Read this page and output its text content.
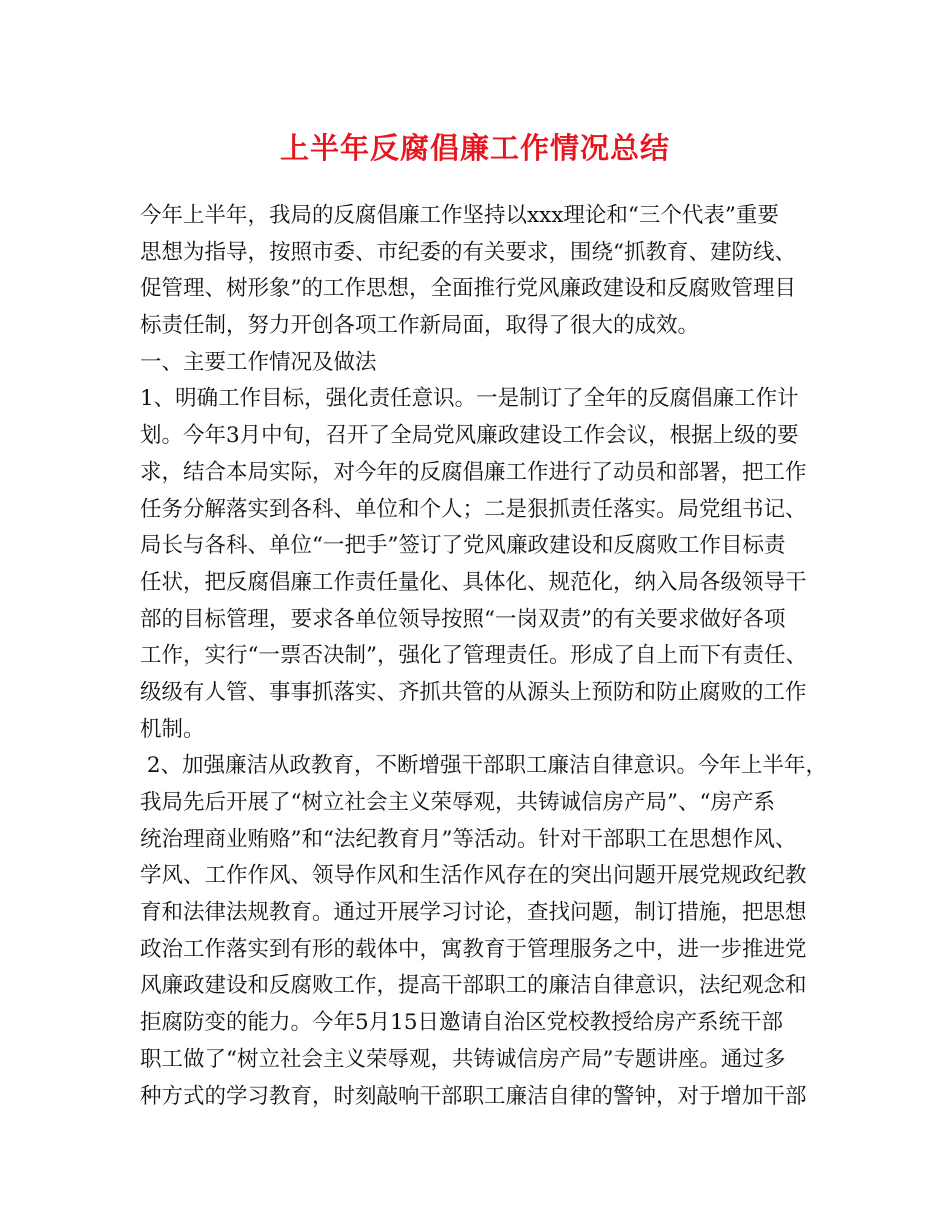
上半年反腐倡廉工作情况总结
今年上半年，我局的反腐倡廉工作坚持以xxx理论和“三个代表”重要
思想为指导，按照市委、市纪委的有关要求，围绕“抓教育、建防线、
促管理、树形象”的工作思想，全面推行党风廉政建设和反腐败管理目
标责任制，努力开创各项工作新局面，取得了很大的成效。
一、主要工作情况及做法
1、明确工作目标，强化责任意识。一是制订了全年的反腐倡廉工作计
划。今年3月中旬，召开了全局党风廉政建设工作会议，根据上级的要
求，结合本局实际，对今年的反腐倡廉工作进行了动员和部署，把工作
任务分解落实到各科、单位和个人；二是狠抓责任落实。局党组书记、
局长与各科、单位“一把手”签订了党风廉政建设和反腐败工作目标责
任状，把反腐倡廉工作责任量化、具体化、规范化，纳入局各级领导干
部的目标管理，要求各单位领导按照“一岗双责”的有关要求做好各项
工作，实行“一票否决制”，强化了管理责任。形成了自上而下有责任、
级级有人管、事事抓落实、齐抓共管的从源头上预防和防止腐败的工作
机制。
2、加强廉洁从政教育，不断增强干部职工廉洁自律意识。今年上半年，
我局先后开展了“树立社会主义荣辱观，共铸诚信房产局”、“房产系
统治理商业贿赂”和“法纪教育月”等活动。针对干部职工在思想作风、
学风、工作作风、领导作风和生活作风存在的突出问题开展党规政纪教
育和法律法规教育。通过开展学习讨论，查找问题，制订措施，把思想
政治工作落实到有形的载体中，寓教育于管理服务之中，进一步推进党
风廉政建设和反腐败工作，提高干部职工的廉洁自律意识，法纪观念和
拒腐防变的能力。今年5月15日邀请自治区党校教授给房产系统干部
职工做了“树立社会主义荣辱观，共铸诚信房产局”专题讲座。通过多
种方式的学习教育，时刻敲响干部职工廉洁自律的警钟，对于增加干部
